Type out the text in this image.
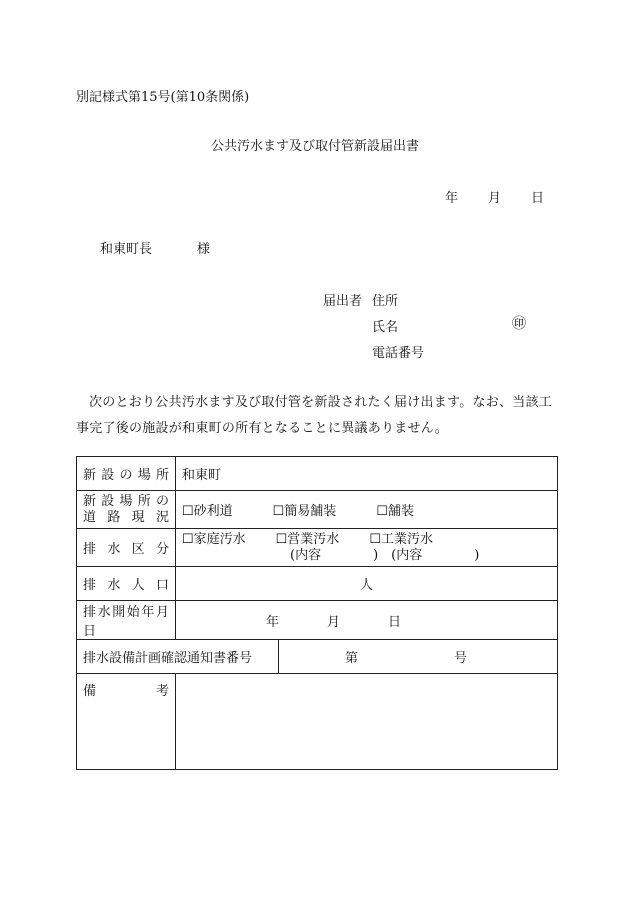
別記様式第15号(第10条関係)
公共汚水ます及び取付管新設届出書
年 月 日
和東町長	様
届出者 住所
氏名	㊞
電話番号
次のとおり公共汚水ます及び取付管を新設されたく届け出ます。なお、当該工事完了後の施設が和東町の所有となることに異議ありません。
新 設 の 場 所	和東町	

新 設 場 所 の
道 路 現 況	☐砂利道 ☐簡易舗装 ☐舗装	
排 水 区 分	☐家庭汚水 ☐営業汚水 ☐工業汚水
(内容　　　　)　(内容　　　　)	

排 水 人 口	人	
排水開始年月日	年 月 日	
排水設備計画確認通知書番号		第 号
備　　考		
